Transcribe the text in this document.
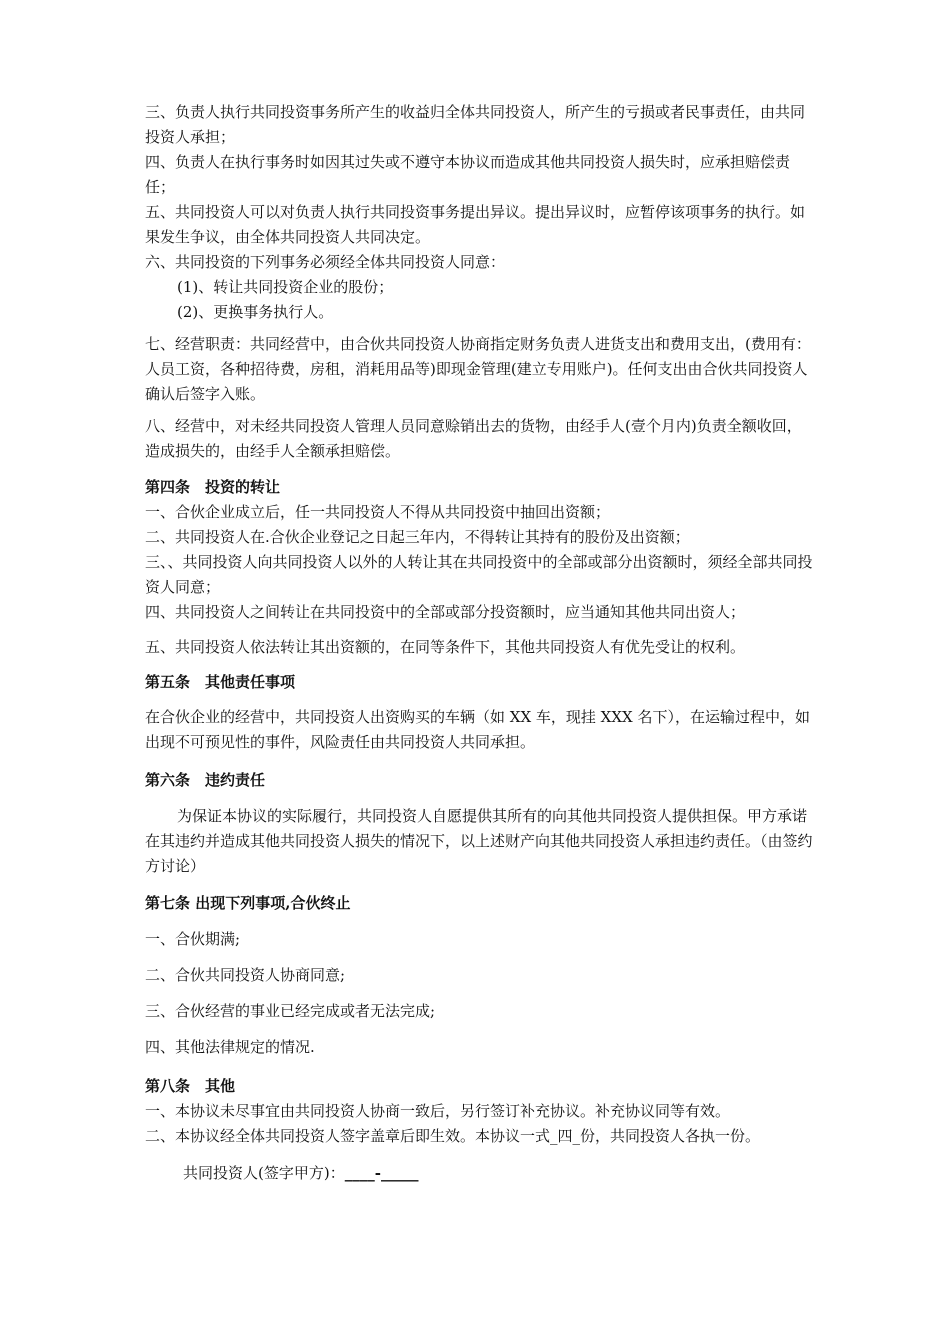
三、负责人执行共同投资事务所产生的收益归全体共同投资人，所产生的亏损或者民事责任，由共同投资人承担；

四、负责人在执行事务时如因其过失或不遵守本协议而造成其他共同投资人损失时，应承担赔偿责任；

五、共同投资人可以对负责人执行共同投资事务提出异议。提出异议时，应暂停该项事务的执行。如果发生争议，由全体共同投资人共同决定。

六、共同投资的下列事务必须经全体共同投资人同意：

(1)、转让共同投资企业的股份；

(2)、更换事务执行人。

七、经营职责：共同经营中，由合伙共同投资人协商指定财务负责人进货支出和费用支出，(费用有：人员工资，各种招待费，房租，消耗用品等)即现金管理(建立专用账户)。任何支出由合伙共同投资人确认后签字入账。

八、经营中，对未经共同投资人管理人员同意赊销出去的货物，由经手人(壹个月内)负责全额收回，造成损失的，由经手人全额承担赔偿。

第四条　投资的转让

一、合伙企业成立后，任一共同投资人不得从共同投资中抽回出资额；

二、共同投资人在.合伙企业登记之日起三年内，不得转让其持有的股份及出资额；

三、、共同投资人向共同投资人以外的人转让其在共同投资中的全部或部分出资额时，须经全部共同投资人同意；

四、共同投资人之间转让在共同投资中的全部或部分投资额时，应当通知其他共同出资人；

五、共同投资人依法转让其出资额的，在同等条件下，其他共同投资人有优先受让的权利。

第五条　其他责任事项

在合伙企业的经营中，共同投资人出资购买的车辆（如 XX 车，现挂 XXX 名下），在运输过程中，如出现不可预见性的事件，风险责任由共同投资人共同承担。

第六条　违约责任

为保证本协议的实际履行，共同投资人自愿提供其所有的向其他共同投资人提供担保。甲方承诺在其违约并造成其他共同投资人损失的情况下，以上述财产向其他共同投资人承担违约责任。（由签约方讨论）

第七条 出现下列事项,合伙终止

一、合伙期满;

二、合伙共同投资人协商同意;

三、合伙经营的事业已经完成或者无法完成;

四、其他法律规定的情况.

第八条　其他

一、本协议未尽事宜由共同投资人协商一致后，另行签订补充协议。补充协议同等有效。

二、本协议经全体共同投资人签字盖章后即生效。本协议一式_四_份，共同投资人各执一份。

共同投资人(签字甲方)：____-_____
